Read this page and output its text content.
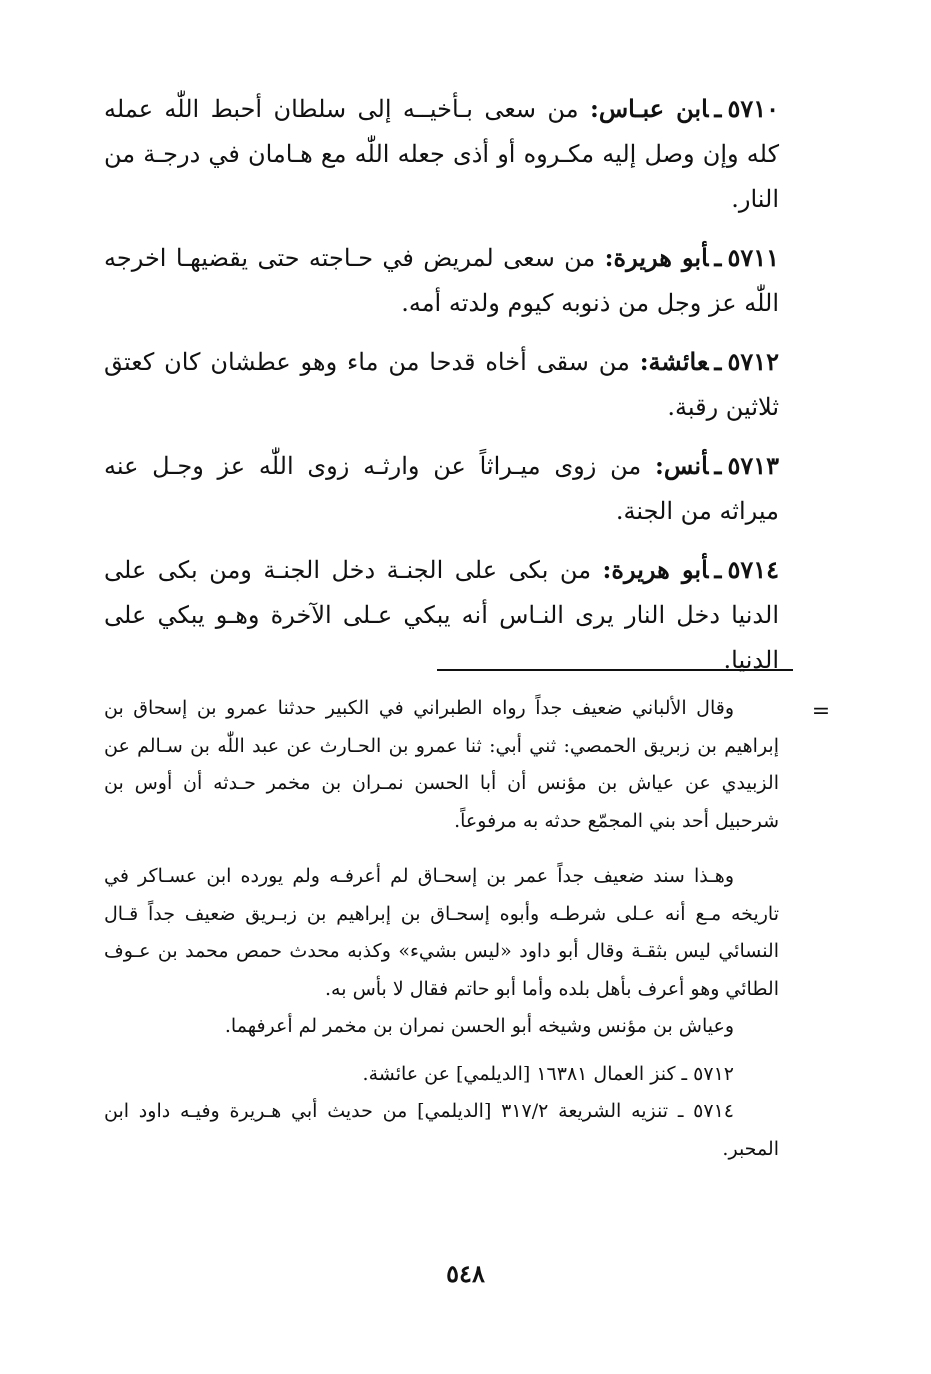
٥٧١٠ـابن عبـاس: من سعى بـأخيــه إلى سلطان أحبط اللّٰه عمله كله وإن وصل إليه مكـروه أو أذى جعله اللّٰه مع هـامان في درجـة من النار.

٥٧١١ـأبو هريرة: من سعى لمريض في حـاجته حتى يقضيهـا اخرجه اللّٰه عز وجل من ذنوبه كيوم ولدته أمه.

٥٧١٢ـعائشة: من سقى أخاه قدحا من ماء وهو عطشان كان كعتق ثلاثين رقبة.

٥٧١٣ـأنس: من زوى ميـراثاً عن وارثـه زوى اللّٰه عز وجـل عنه ميراثه من الجنة.

٥٧١٤ـأبو هريرة: من بكى على الجنـة دخل الجنـة ومن بكى على الدنيا دخل النار يرى النـاس أنه يبكي عـلى الآخرة وهـو يبكي على الدنيا.

=

وقال الألباني ضعيف جداً رواه الطبراني في الكبير حدثنا عمرو بن إسحاق بن إبراهيم بن زبريق الحمصي: ثني أبي: ثنا عمرو بن الحـارث عن عبد اللّٰه بن سـالم عن الزبيدي عن عياش بن مؤنس أن أبا الحسن نمـران بن مخمر حـدثه أن أوس بن شرحبيل أحد بني المجمّع حدثه به مرفوعاً.

وهـذا سند ضعيف جداً عمر بن إسحـاق لم أعرفـه ولم يورده ابن عسـاكر في تاريخه مـع أنه عـلى شرطـه وأبوه إسحـاق بن إبراهيم بن زبـريق ضعيف جداً قـال النسائي ليس بثقـة وقال أبو داود «ليس بشيء» وكذبه محدث حمص محمد بن عـوف الطائي وهو أعرف بأهل بلده وأما أبو حاتم فقال لا بأس به.

وعياش بن مؤنس وشيخه أبو الحسن نمران بن مخمر لم أعرفهما.

٥٧١٢ ـ كنز العمال ١٦٣٨١ [الديلمي] عن عائشة.

٥٧١٤ ـ تنزيه الشريعة ٣١٧/٢ [الديلمي] من حديث أبي هـريرة وفيـه داود ابن المحبر.

٥٤٨
